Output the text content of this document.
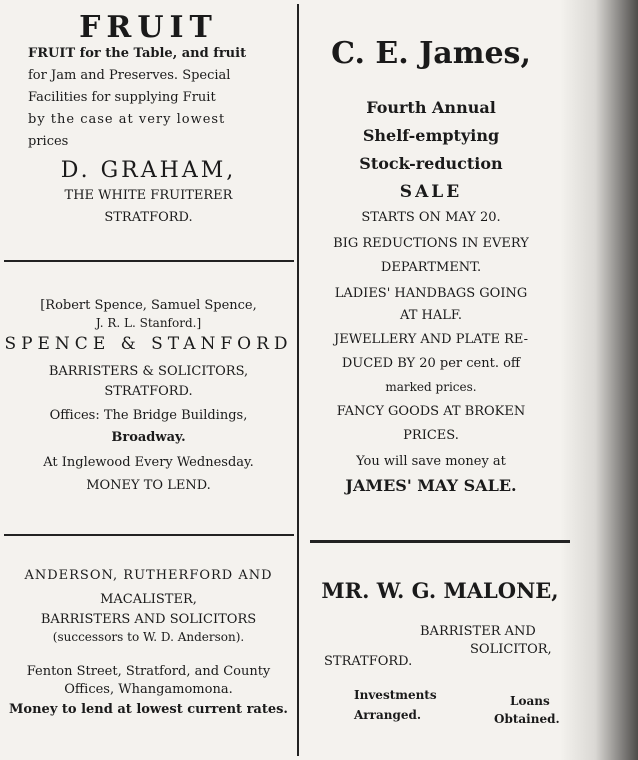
FRUIT
FRUIT for the Table, and fruit
for Jam and Preserves. Special
Facilities for supplying Fruit
by the case at very lowest
prices
D. GRAHAM,
THE WHITE FRUITERER
STRATFORD.
[Robert Spence, Samuel Spence,
J. R. L. Stanford.]
SPENCE & STANFORD
BARRISTERS & SOLICITORS,
STRATFORD.
Offices: The Bridge Buildings,
Broadway.
At Inglewood Every Wednesday.
MONEY TO LEND.
ANDERSON, RUTHERFORD AND
MACALISTER,
BARRISTERS AND SOLICITORS
(successors to W. D. Anderson).
Fenton Street, Stratford, and County
Offices, Whangamomona.
Money to lend at lowest current rates.
C. E. James,
Fourth Annual
Shelf-emptying
Stock-reduction
SALE
STARTS ON MAY 20.
BIG REDUCTIONS IN EVERY
DEPARTMENT.
LADIES' HANDBAGS GOING
AT HALF.
JEWELLERY AND PLATE RE-
DUCED BY 20 per cent. off
marked prices.
FANCY GOODS AT BROKEN
PRICES.
You will save money at
JAMES' MAY SALE.
MR. W. G. MALONE,
BARRISTER AND
SOLICITOR,
STRATFORD.
Investments
Arranged.
Loans
Obtained.
